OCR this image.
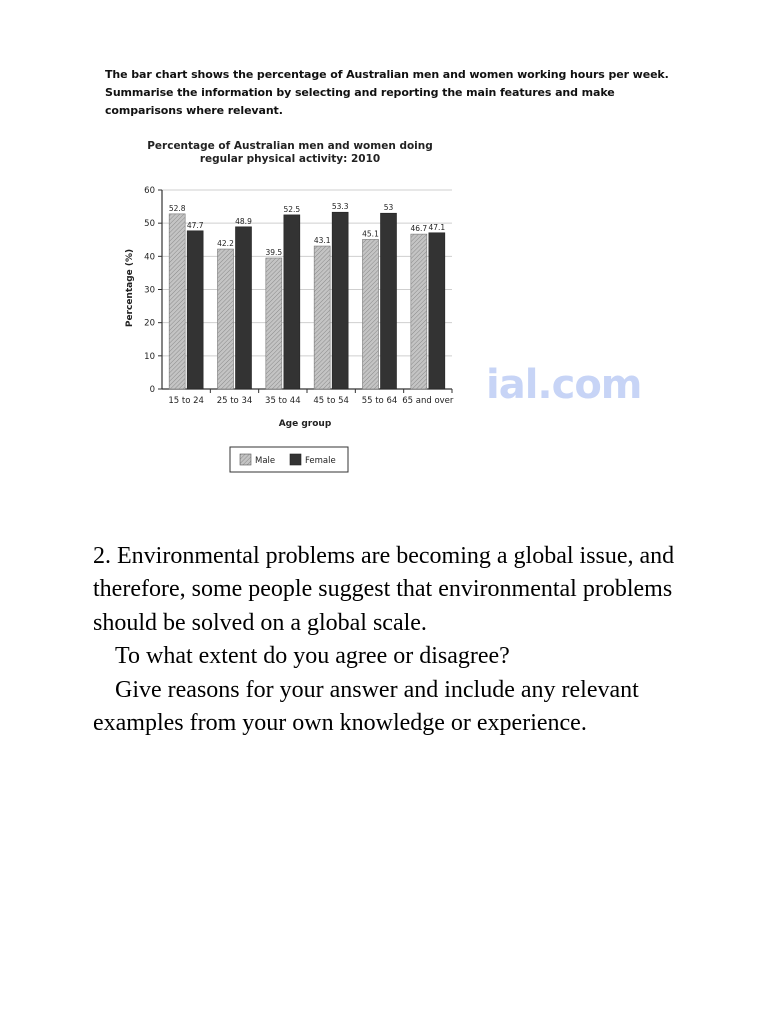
The bar chart shows the percentage of Australian men and women working hours per week.
Summarise the information by selecting and reporting the main features and make
comparisons where relevant.
Percentage of Australian men and women doing
regular physical activity: 2010
0
10
20
30
40
50
60
15 to 24
52.8
47.7
25 to 34
42.2
48.9
35 to 44
39.5
52.5
45 to 54
43.1
53.3
55 to 64
45.1
53
65 and over
46.7 47.1
Percentage (%)
Age group
Male	Female
ial.com

2. Environmental problems are becoming a global issue, and therefore, some people suggest that environmental problems should be solved on a global scale.

To what extent do you agree or disagree?

Give reasons for your answer and include any relevant examples from your own knowledge or experience.
